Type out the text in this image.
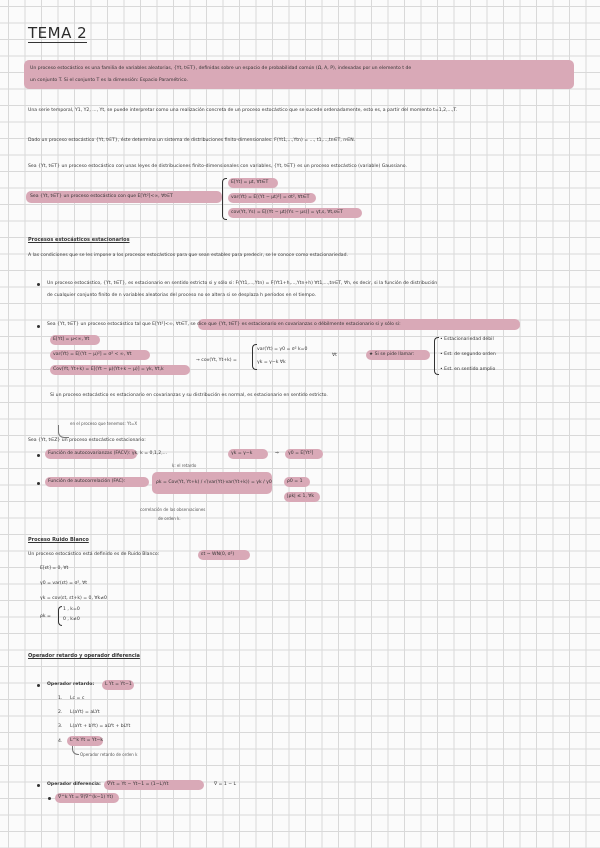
TEMA 2
Un proceso estocástico es una familia de variables aleatorias, {Yt, t∈T}, definidas sobre un espacio de probabilidad común (Ω, A, P), indexadas por un elemento t de
un conjunto T. Si el conjunto T es la dimensión: Espacio Paramétrico.
Una serie temporal, Y1, Y2, ..., Yt, se puede interpretar como una realización concreta de un proceso estocástico que se sucede ordenadamente, esto es, a partir del momento t=1,2,...,T.
Dado un proceso estocástico {Yt, t∈T}, éste determina un sistema de distribuciones finito-dimensionales: F(Yt1,...,Ytn) = ..., t1,...,tn∈T, n∈N.
Sea {Yt, t∈T} un proceso estocástico con unas leyes de distribuciones finito-dimensionales con variables, {Yt, t∈T} es un proceso estocástico (variable) Gaussiano.
Sea {Yt, t∈T} un proceso estocástico con que E[Yt²]<∞, ∀t∈T
E[Yt] = μt, ∀t∈T
var(Yt) = E[(Yt − μt)²] = σt², ∀t∈T
cov(Yt, Ys) = E[(Yt − μt)(Ys − μs)] = γt,s, ∀t,s∈T
Procesos estocásticos estacionarios
A las condiciones que se les impone a los procesos estocásticos para que sean estables para predecir, se le conoce como estacionariedad.
Un proceso estocástico, {Yt, t∈T}, es estacionario en sentido estricto si y sólo si: F(Yt1,...,Ytn) = F(Yt1+h,...,Ytn+h) ∀t1,...,tn∈T, ∀h, es decir, si la función de distribución
de cualquier conjunto finito de n variables aleatorias del proceso no se altera si se desplaza h períodos en el tiempo.
Sea {Yt, t∈T} un proceso estocástico tal que E[Yt²]<∞, ∀t∈T, se dice que {Yt, t∈T} es estacionario en covarianzas o débilmente estacionario si y sólo si:
E[Yt] = μ<∞, ∀t
var(Yt) = E[(Yt − μ)²] = σ² < ∞, ∀t
Cov(Yt, Yt+k) = E[(Yt − μ)(Yt+k − μ)] = γk, ∀t,k
→ cov(Yt, Yt+k) =
var(Yt) = γ0 = σ² k=0
γk = γ−k ∀k
∀t	★ Si se pide llamar:
• Estacionariedad débil
• Est. de segundo orden
• Est. en sentido amplio
Si un proceso estocástico es estacionario en covarianzas y su distribución es normal, es estacionario en sentido estricto.
en el proceso que tenemos: Yt=X
Sea {Yt, t∈Z} un proceso estocástico estacionario:
Función de autocovarianzas (FACV): γk, k = 0,1,2,...	γk = γ−k	⇒ γ0 = E[Yt²]
k: el retardo
Función de autocorrelación (FAC):	ρk = Cov(Yt, Yt+k) / √(var(Yt)·var(Yt+k)) = γk / γ0	ρ0 = 1
|ρk| ≤ 1, ∀k
correlación de las observaciones
de orden k.
Proceso Ruido Blanco
Un proceso estocástico está definido es de Ruido Blanco:	εt ~ WN(0, σ²)
E[εt] = 0, ∀t
γ0 = var(εt) = σ², ∀t
γk = cov(εt, εt+k) = 0, ∀k≠0
ρk =
1 , k=0
0 , k≠0
Operador retardo y operador diferencia
Operador retardo: L Yt = Yt−1
1. Lc = c
2. L(aYt) = aLYt
3. L(aYt + bYt) = aLYt + bLYt
4. L^k Yt = Yt−k
Operador retardo de orden k
Operador diferencia: ∇Yt = Yt − Yt−1 = (1−L)Yt	∇ = 1 − L
∇^k Yt = ∇(∇^(k−1) Yt)
